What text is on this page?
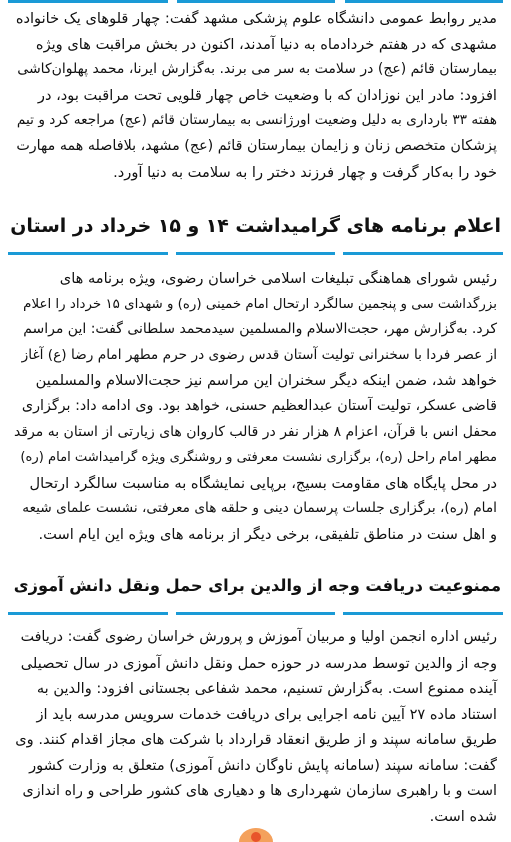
مدیر روابط عمومی دانشگاه علوم پزشکی مشهد گفت: چهار قلوهای یک خانواده
مشهدی که در هفتم خردادماه به دنیا آمدند، اکنون در بخش مراقبت های ویژه
بیمارستان قائم (عج) در سلامت به سر می برند. به‌گزارش ایرنا، محمد پهلوان‌کاشی
افزود: مادر این نوزادان که با وضعیت خاص چهار قلویی تحت مراقبت بود، در
هفته ۳۳ بارداری به دلیل وضعیت اورژانسی به بیمارستان قائم (عج) مراجعه کرد و تیم
پزشکان متخصص زنان و زایمان بیمارستان قائم (عج) مشهد، بلافاصله همه مهارت
خود را به‌کار گرفت و چهار فرزند دختر را به سلامت به دنیا آورد.
اعلام برنامه های گرامیداشت ۱۴ و ۱۵ خرداد در استان
رئیس شورای هماهنگی تبلیغات اسلامی خراسان رضوی، ویژه برنامه های
بزرگداشت سی و پنجمین سالگرد ارتحال امام خمینی (ره) و شهدای ۱۵ خرداد را اعلام
کرد. به‌گزارش مهر، حجت‌الاسلام والمسلمین سیدمحمد سلطانی گفت: این مراسم
از عصر فردا با سخنرانی تولیت آستان قدس رضوی در حرم مطهر امام رضا (ع) آغاز
خواهد شد، ضمن اینکه دیگر سخنران این مراسم نیز حجت‌الاسلام والمسلمین
قاضی عسکر، تولیت آستان عبدالعظیم حسنی، خواهد بود. وی ادامه داد: برگزاری
محفل انس با قرآن، اعزام ۸ هزار نفر در قالب کاروان های زیارتی از استان به مرقد
مطهر امام راحل (ره)، برگزاری نشست معرفتی و روشنگری ویژه گرامیداشت امام (ره)
در محل پایگاه های مقاومت بسیج، برپایی نمایشگاه به مناسبت سالگرد ارتحال
امام (ره)، برگزاری جلسات پرسمان دینی و حلقه های معرفتی، نشست علمای شیعه
و اهل سنت در مناطق تلفیقی، برخی دیگر از برنامه های ویژه این ایام است.
ممنوعیت دریافت وجه از والدین برای حمل ونقل دانش آموزی
رئیس اداره انجمن اولیا و مربیان آموزش و پرورش خراسان رضوی گفت: دریافت
وجه از والدین توسط مدرسه در حوزه حمل ونقل دانش آموزی در سال تحصیلی
آینده ممنوع است. به‌گزارش تسنیم، محمد شفاعی بجستانی افزود: والدین به
استناد ماده ۲۷ آیین نامه اجرایی برای دریافت خدمات سرویس مدرسه باید از
طریق سامانه سپند و از طریق انعقاد قرارداد با شرکت های مجاز اقدام کنند. وی
گفت: سامانه سپند (سامانه پایش ناوگان دانش آموزی) متعلق به وزارت کشور
است و با راهبری سازمان شهرداری ها و دهیاری های کشور طراحی و راه اندازی
شده است.
